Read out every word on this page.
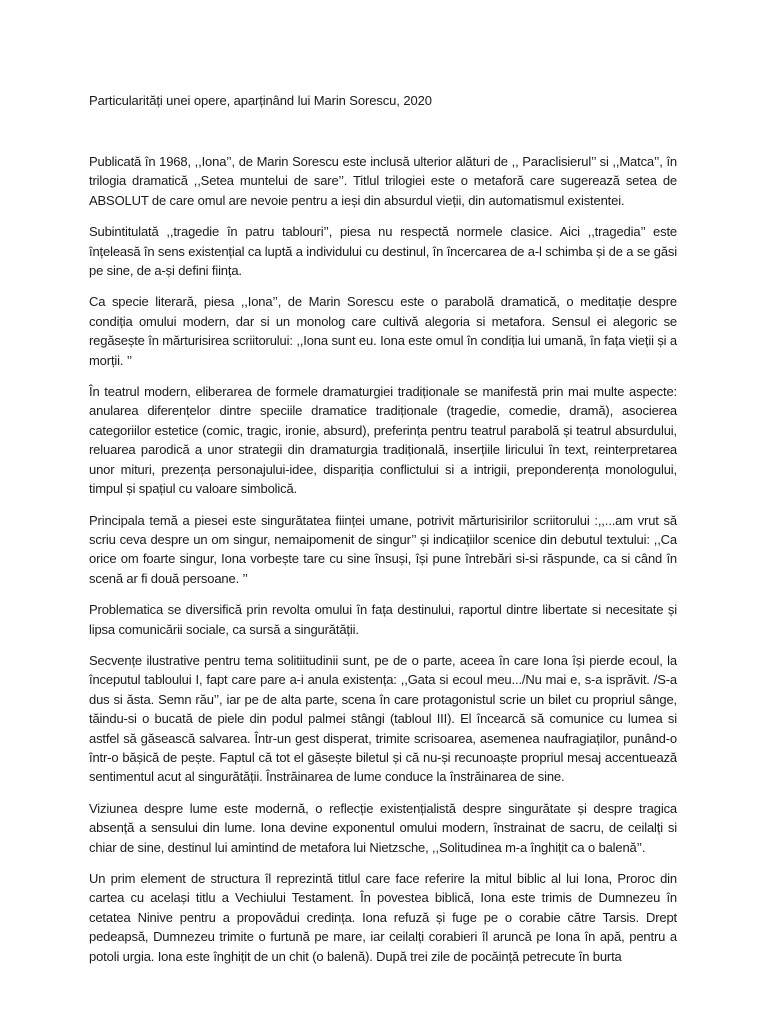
Particularități unei opere, aparținând lui Marin Sorescu, 2020

Publicată în 1968, ,,Iona’’, de Marin Sorescu este inclusă ulterior alături de ,, Paraclisierul’’ si ,,Matca’’, în trilogia dramatică ,,Setea muntelui de sare’’. Titlul trilogiei este o metaforă care sugerează setea de ABSOLUT de care omul are nevoie pentru a ieși din absurdul vieții, din automatismul existentei.

Subintitulată ,,tragedie în patru tablouri’’, piesa nu respectă normele clasice. Aici ,,tragedia’’ este înțeleasă în sens existențial ca luptă a individului cu destinul, în încercarea de a-l schimba și de a se găsi pe sine, de a-și defini ființa.

Ca specie literară, piesa ,,Iona’’, de Marin Sorescu este o parabolă dramatică, o meditație despre condiția omului modern, dar si un monolog care cultivă alegoria si metafora. Sensul ei alegoric se regăsește în mărturisirea scriitorului: ,,Iona sunt eu. Iona este omul în condiția lui umană, în fața vieții și a morții. ’’

În teatrul modern, eliberarea de formele dramaturgiei tradiționale se manifestă prin mai multe aspecte: anularea diferențelor dintre speciile dramatice tradiționale (tragedie, comedie, dramă), asocierea categoriilor estetice (comic, tragic, ironie, absurd), preferința pentru teatrul parabolă și teatrul absurdului, reluarea parodică a unor strategii din dramaturgia tradițională, inserțiile liricului în text, reinterpretarea unor mituri, prezența personajului-idee, dispariția conflictului si a intrigii, preponderența monologului, timpul și spațiul cu valoare simbolică.

Principala temă a piesei este singurătatea ființei umane, potrivit mărturisirilor scriitorului :,,...am vrut să scriu ceva despre un om singur, nemaipomenit de singur’’ și indicațiilor scenice din debutul textului: ,,Ca orice om foarte singur, Iona vorbește tare cu sine însuși, își pune întrebări si-si răspunde, ca si când în scenă ar fi două persoane. ’’

Problematica se diversifică prin revolta omului în fața destinului, raportul dintre libertate si necesitate și lipsa comunicării sociale, ca sursă a singurătății.

Secvențe ilustrative pentru tema solitiitudinii sunt, pe de o parte, aceea în care Iona își pierde ecoul, la începutul tabloului I, fapt care pare a-i anula existența: ,,Gata si ecoul meu.../Nu mai e, s-a isprăvit. /S-a dus si ăsta. Semn rău’’, iar pe de alta parte, scena în care protagonistul scrie un bilet cu propriul sânge, tăindu-si o bucată de piele din podul palmei stângi (tabloul III). El încearcă să comunice cu lumea si astfel să găsească salvarea. Într-un gest disperat, trimite scrisoarea, asemenea naufragiaților, punând-o într-o bășică de pește. Faptul că tot el găsește biletul și că nu-și recunoaște propriul mesaj accentuează sentimentul acut al singurătății. Înstrăinarea de lume conduce la înstrăinarea de sine.

Viziunea despre lume este modernă, o reflecție existențialistă despre singurătate și despre tragica absență a sensului din lume. Iona devine exponentul omului modern, înstrainat de sacru, de ceilalți si chiar de sine, destinul lui amintind de metafora lui Nietzsche, ,,Solitudinea m-a înghițit ca o balenă’’.

Un prim element de structura îl reprezintă titlul care face referire la mitul biblic al lui Iona, Proroc din cartea cu același titlu a Vechiului Testament. În povestea biblică, Iona este trimis de Dumnezeu în cetatea Ninive pentru a propovădui credința. Iona refuză și fuge pe o corabie către Tarsis. Drept pedeapsă, Dumnezeu trimite o furtună pe mare, iar ceilalți corabieri îl aruncă pe Iona în apă, pentru a potoli urgia. Iona este înghițit de un chit (o balenă). După trei zile de pocăință petrecute în burta
